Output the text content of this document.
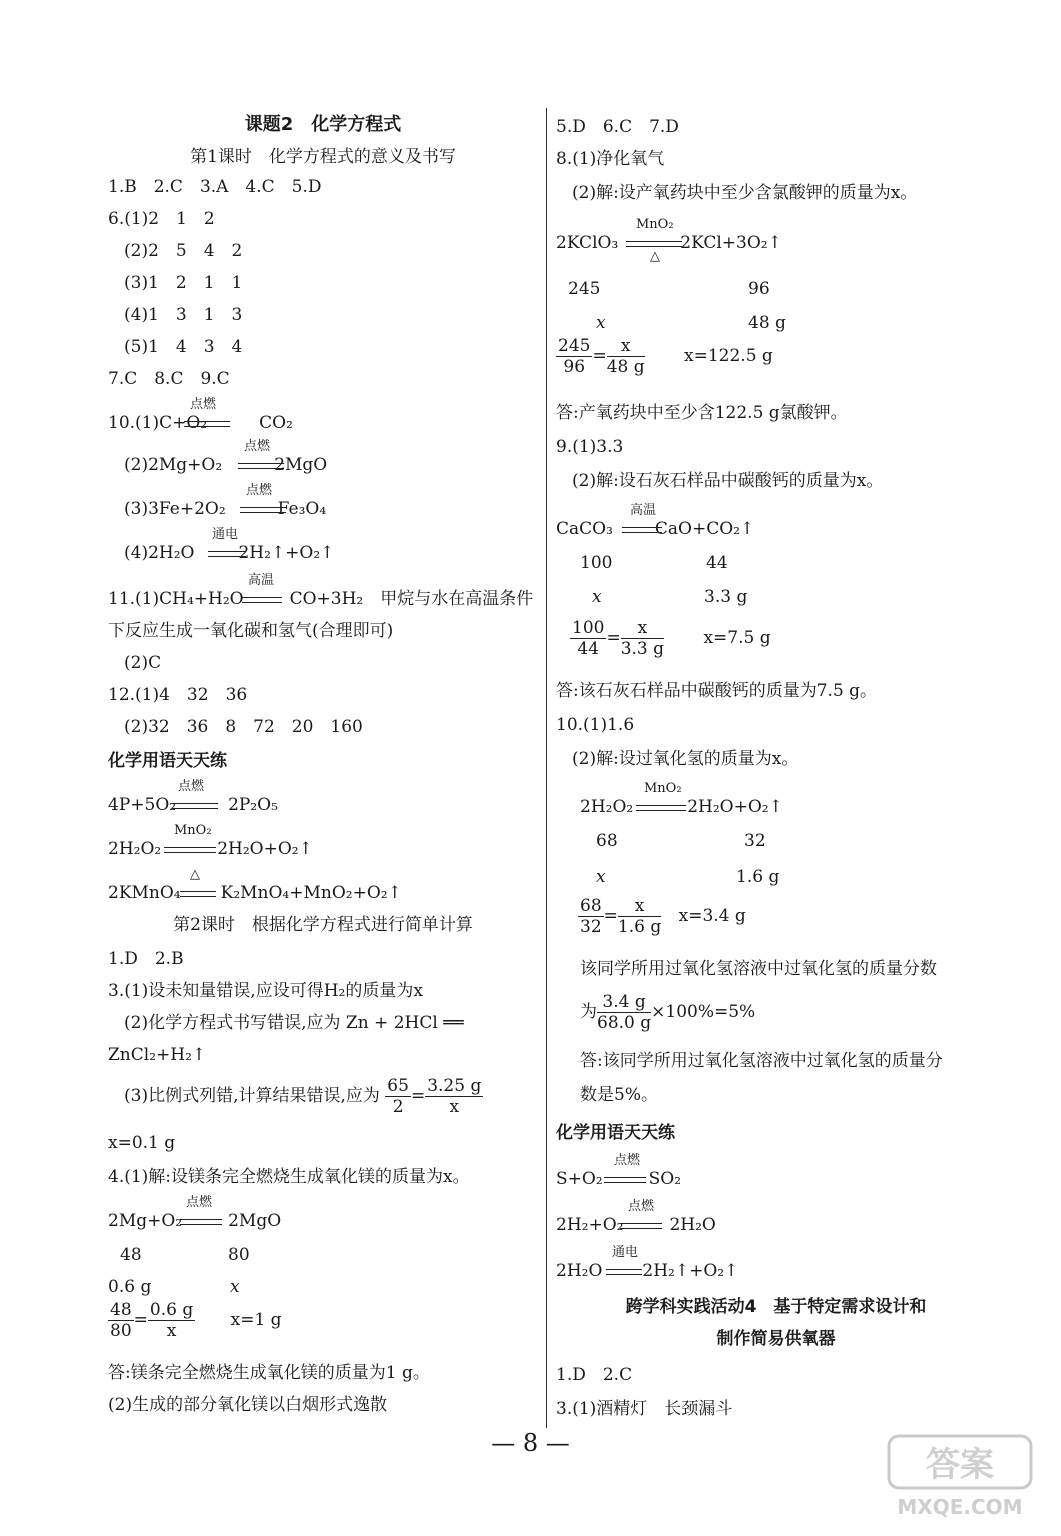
课题2　化学方程式
第1课时　化学方程式的意义及书写
1.B　2.C　3.A　4.C　5.D
6.(1)2　1　2
(2)2　5　4　2
(3)1　2　1　1
(4)1　3　1　3
(5)1　4　3　4
7.C　8.C　9.C
10.(1)C+O₂	CO₂
点燃
(2)2Mg+O₂	2MgO
点燃
(3)3Fe+2O₂	Fe₃O₄
点燃
(4)2H₂O	2H₂↑+O₂↑
通电
11.(1)CH₄+H₂O	CO+3H₂　甲烷与水在高温条件
高温
下反应生成一氧化碳和氢气(合理即可)
(2)C
12.(1)4　32　36
(2)32　36　8　72　20　160
化学用语天天练
4P+5O₂	2P₂O₅
点燃
2H₂O₂	2H₂O+O₂↑
MnO₂
2KMnO₄ K₂MnO₄+MnO₂+O₂↑
△
第2课时　根据化学方程式进行简单计算
1.D　2.B
3.(1)设未知量错误,应设可得H₂的质量为x
(2)化学方程式书写错误,应为 Zn + 2HCl ══
ZnCl₂+H₂↑
(3)比例式列错,计算结果错误,应为 $\frac{65}{2} = \frac{3.25 g}{x}$
x=0.1 g
4.(1)解:设镁条完全燃烧生成氧化镁的质量为x。
2Mg+O₂	2MgO
点燃
48	80
0.6 g	x
$\frac{48}{80} = \frac{0.6 g}{x} x=1$ g
答:镁条完全燃烧生成氧化镁的质量为1 g。
(2)生成的部分氧化镁以白烟形式逸散
5.D　6.C　7.D
8.(1)净化氧气
(2)解:设产氧药块中至少含氯酸钾的质量为x。
2KClO₃	2KCl+3O₂↑
MnO₂
△
245	96
x	48 g
$\frac{245}{96} = \frac{x}{48 g} x=122.5$ g
答:产氧药块中至少含122.5 g氯酸钾。
9.(1)3.3
(2)解:设石灰石样品中碳酸钙的质量为x。
CaCO₃ CaO+CO₂↑
高温
100	44
x	3.3 g
$\frac{100}{44} = \frac{x}{3.3 g} x=7.5$ g
答:该石灰石样品中碳酸钙的质量为7.5 g。
10.(1)1.6
(2)解:设过氧化氢的质量为x。
2H₂O₂	2H₂O+O₂↑
MnO₂
68	32
x	1.6 g
$\frac{68}{32} = \frac{x}{1.6 g} x=3.4$ g
该同学所用过氧化氢溶液中过氧化氢的质量分数
为 $\frac{3.4 g}{68.0 g} \times 100\%=5\%$
答:该同学所用过氧化氢溶液中过氧化氢的质量分
数是5%。
化学用语天天练
S+O₂	SO₂
点燃
2H₂+O₂	2H₂O
点燃
2H₂O 2H₂↑+O₂↑
通电
跨学科实践活动4　基于特定需求设计和
制作简易供氧器
1.D　2.C
3.(1)酒精灯　长颈漏斗
— 8 —
答案
MXQE.COM
